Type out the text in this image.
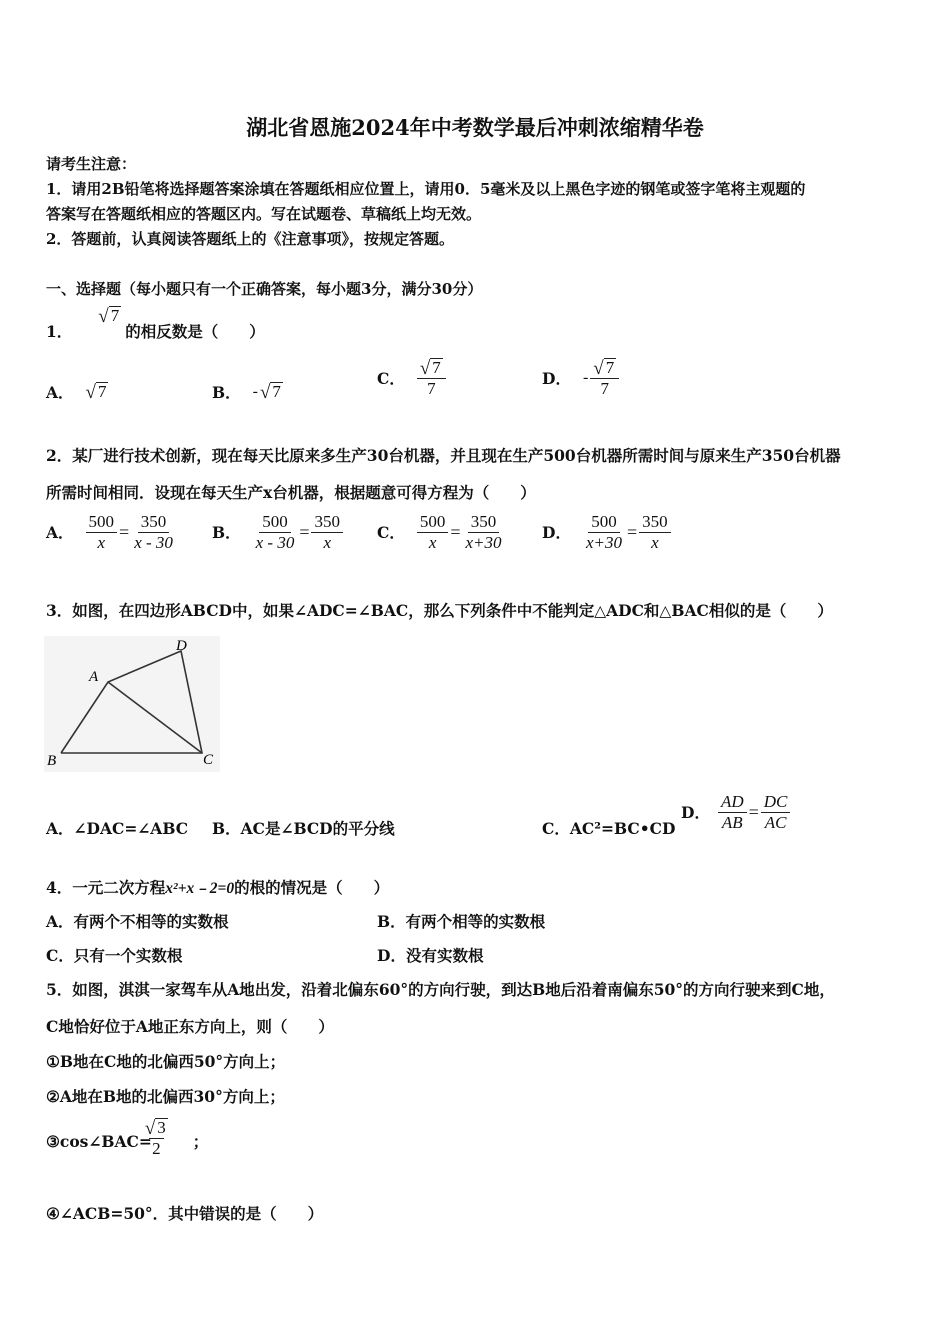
湖北省恩施2024年中考数学最后冲刺浓缩精华卷
请考生注意：
1．请用2B铅笔将选择题答案涂填在答题纸相应位置上，请用0．5毫米及以上黑色字迹的钢笔或签字笔将主观题的
答案写在答题纸相应的答题区内。写在试题卷、草稿纸上均无效。
2．答题前，认真阅读答题纸上的《注意事项》，按规定答题。
一、选择题（每小题只有一个正确答案，每小题3分，满分30分）
1．
√ 7
的相反数是（　　）
A． √ 7	B． - √ 7
C． $\frac{√ 7}{7}$	D． - $\frac{√ 7}{7}$
2．某厂进行技术创新，现在每天比原来多生产30台机器，并且现在生产500台机器所需时间与原来生产350台机器
所需时间相同．设现在每天生产x台机器，根据题意可得方程为（　　）
A． $\frac{500}{x} = \frac{350}{x - 30}$ B． $\frac{500}{x - 30} = \frac{350}{x}$ C． $\frac{500}{x} = \frac{350}{x+30}$ D． $\frac{500}{x+30} = \frac{350}{x}$
3．如图，在四边形ABCD中，如果∠ADC=∠BAC，那么下列条件中不能判定△ADC和△BAC相似的是（　　）
A
B	C
D
A．∠DAC=∠ABC B．AC是∠BCD的平分线	C．AC²=BC•CD
D． $\frac{AD}{AB} = \frac{DC}{AC}$
4．一元二次方程x²+x﹣2=0的根的情况是（　　）
A．有两个不相等的实数根	B．有两个相等的实数根
C．只有一个实数根	D．没有实数根
5．如图，淇淇一家驾车从A地出发，沿着北偏东60°的方向行驶，到达B地后沿着南偏东50°的方向行驶来到C地，
C地恰好位于A地正东方向上，则（　　）
①B地在C地的北偏西50°方向上；
②A地在B地的北偏西30°方向上；
③cos∠BAC=
$\frac{√ 3}{2}$ ；
④∠ACB=50°．其中错误的是（　　）
